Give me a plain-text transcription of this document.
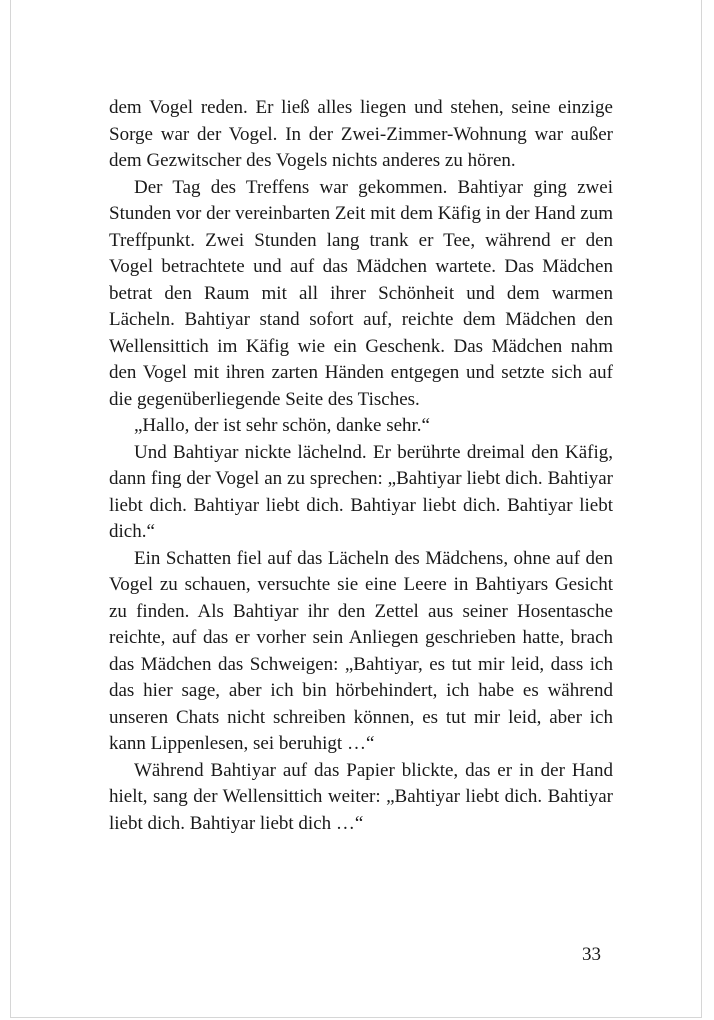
dem Vogel reden. Er ließ alles liegen und stehen, seine einzige Sorge war der Vogel. In der Zwei-Zimmer-Wohnung war außer dem Gezwitscher des Vogels nichts anderes zu hören.

Der Tag des Treffens war gekommen. Bahtiyar ging zwei Stunden vor der vereinbarten Zeit mit dem Käfig in der Hand zum Treffpunkt. Zwei Stunden lang trank er Tee, während er den Vogel betrachtete und auf das Mädchen wartete. Das Mädchen betrat den Raum mit all ihrer Schönheit und dem warmen Lächeln. Bahtiyar stand sofort auf, reichte dem Mädchen den Wellensittich im Käfig wie ein Geschenk. Das Mädchen nahm den Vogel mit ihren zarten Händen entgegen und setzte sich auf die gegenüberliegende Seite des Tisches.

„Hallo, der ist sehr schön, danke sehr.“

Und Bahtiyar nickte lächelnd. Er berührte dreimal den Käfig, dann fing der Vogel an zu sprechen: „Bahtiyar liebt dich. Bahtiyar liebt dich. Bahtiyar liebt dich. Bahtiyar liebt dich. Bahtiyar liebt dich.“

Ein Schatten fiel auf das Lächeln des Mädchens, ohne auf den Vogel zu schauen, versuchte sie eine Leere in Bahtiyars Gesicht zu finden. Als Bahtiyar ihr den Zettel aus seiner Hosentasche reichte, auf das er vorher sein Anliegen geschrieben hatte, brach das Mädchen das Schweigen: „Bahtiyar, es tut mir leid, dass ich das hier sage, aber ich bin hörbehindert, ich habe es während unseren Chats nicht schreiben können, es tut mir leid, aber ich kann Lippenlesen, sei beruhigt …“

Während Bahtiyar auf das Papier blickte, das er in der Hand hielt, sang der Wellensittich weiter: „Bahtiyar liebt dich. Bahtiyar liebt dich. Bahtiyar liebt dich …“

33
